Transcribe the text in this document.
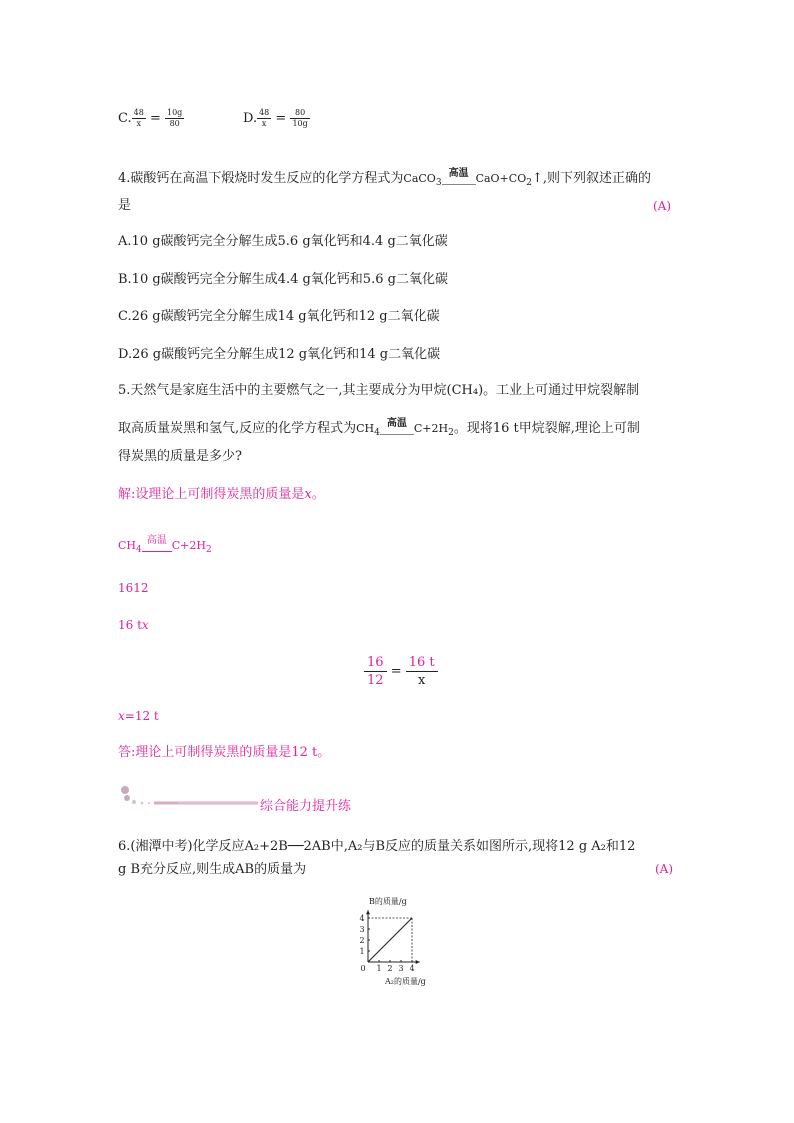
C. $\frac{48}{x} = \frac{10g}{80}$	D. $\frac{48}{x} = \frac{80}{10g}$
4.碳酸钙在高温下煅烧时发生反应的化学方程式为CaCO$_3$
高温 $CaO+CO_2↑$,则下列叙述正确的
是	(A)
A.10 g碳酸钙完全分解生成5.6 g氧化钙和4.4 g二氧化碳
B.10 g碳酸钙完全分解生成4.4 g氧化钙和5.6 g二氧化碳
C.26 g碳酸钙完全分解生成14 g氧化钙和12 g二氧化碳
D.26 g碳酸钙完全分解生成12 g氧化钙和14 g二氧化碳
5.天然气是家庭生活中的主要燃气之一,其主要成分为甲烷(CH₄)。工业上可通过甲烷裂解制
取高质量炭黑和氢气,反应的化学方程式为$CH_4$
高温 $C+2H_2$。现将16 t甲烷裂解,理论上可制
得炭黑的质量是多少?
解:设理论上可制得炭黑的质量是x。
$CH_4$
高温 $C+2H_2$
1612
16 tx
$\frac{16}{12} = \frac{16 t}{x}$
x=12 t
答:理论上可制得炭黑的质量是12 t。
综合能力提升练
6.(湘潭中考)化学反应A₂+2B──2AB中,A₂与B反应的质量关系如图所示,现将12 g A₂和12
g B充分反应,则生成AB的质量为	(A)
0 1 2 3 4
1
2
3
4
B的质量/g
A₂的质量/g
